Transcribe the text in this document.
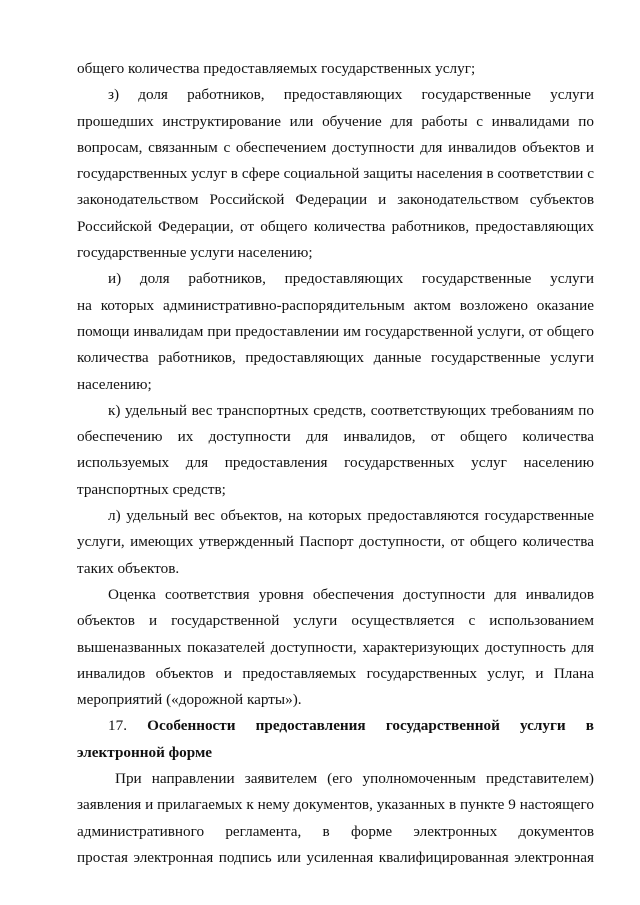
общего количества предоставляемых государственных услуг;
з) доля работников, предоставляющих государственные услуги
прошедших инструктирование или обучение для работы с инвалидами по
вопросам, связанным с обеспечением доступности для инвалидов объектов и
государственных услуг в сфере социальной защиты населения в соответствии с
законодательством Российской Федерации и законодательством субъектов
Российской Федерации, от общего количества работников, предоставляющих
государственные услуги населению;
и) доля работников, предоставляющих государственные услуги
на которых административно-распорядительным актом возложено оказание
помощи инвалидам при предоставлении им государственной услуги, от общего
количества работников, предоставляющих данные государственные услуги
населению;
к) удельный вес транспортных средств, соответствующих требованиям по
обеспечению их доступности для инвалидов, от общего количества
используемых для предоставления государственных услуг населению
транспортных средств;
л) удельный вес объектов, на которых предоставляются государственные
услуги, имеющих утвержденный Паспорт доступности, от общего количества
таких объектов.
Оценка соответствия уровня обеспечения доступности для инвалидов
объектов и государственной услуги осуществляется с использованием
вышеназванных показателей доступности, характеризующих доступность для
инвалидов объектов и предоставляемых государственных услуг, и Плана
мероприятий («дорожной карты»).
17. Особенности предоставления государственной услуги в
электронной форме
При направлении заявителем (его уполномоченным представителем)
заявления и прилагаемых к нему документов, указанных в пункте 9 настоящего
административного регламента, в форме электронных документов
простая электронная подпись или усиленная квалифицированная электронная
